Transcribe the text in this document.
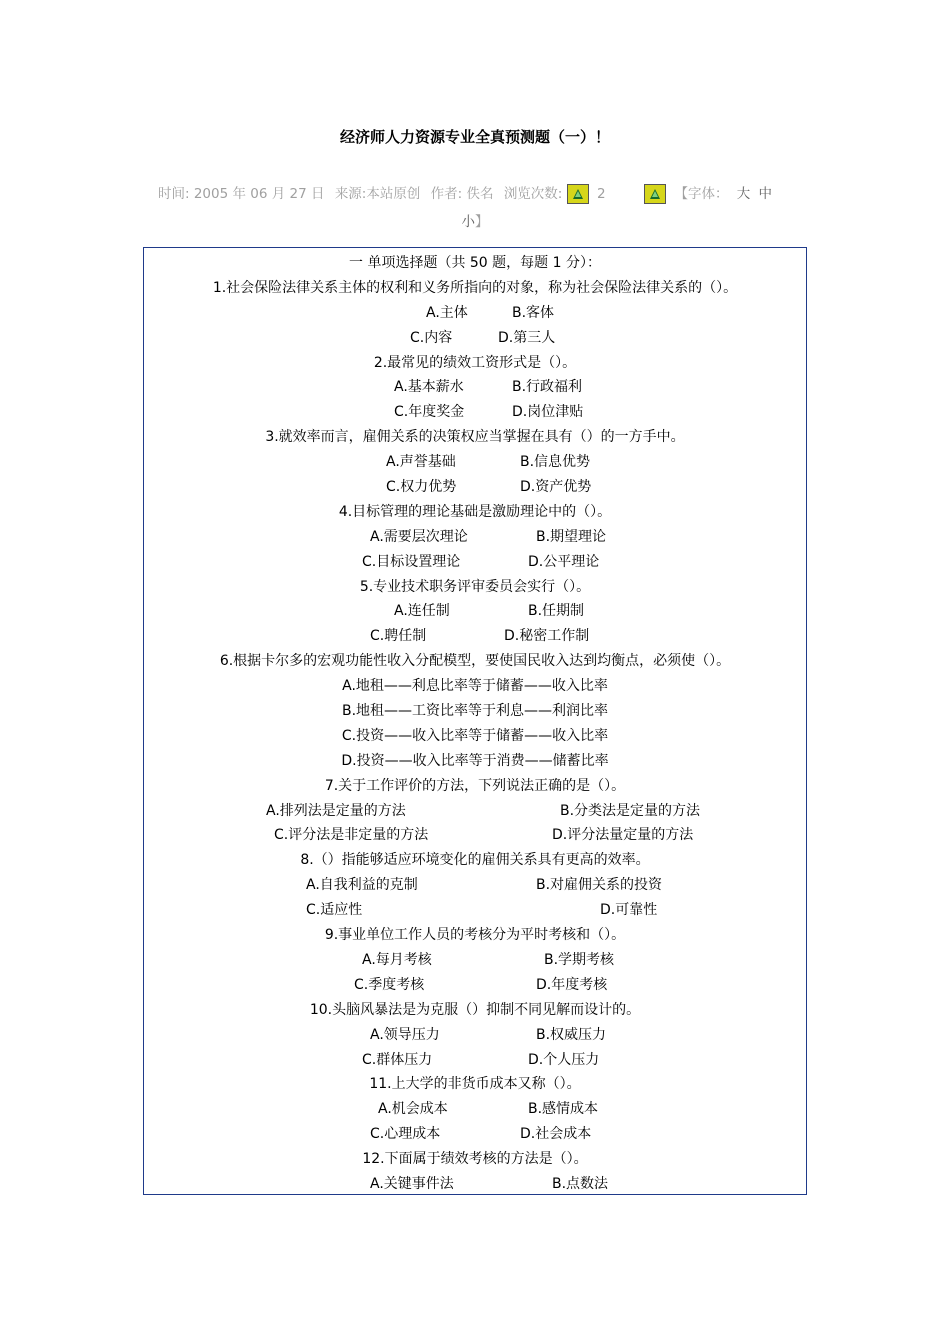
经济师人力资源专业全真预测题（一）！
时间: 2005 年 06 月 27 日 来源:本站原创 作者: 佚名 浏览次数:	2	【字体： 大 中
小】
一 单项选择题（共 50 题，每题 1 分）：
1.社会保险法律关系主体的权利和义务所指向的对象，称为社会保险法律关系的（）。
A.主体	B.客体
C.内容	D.第三人
2.最常见的绩效工资形式是（）。
A.基本薪水	B.行政福利
C.年度奖金	D.岗位津贴
3.就效率而言，雇佣关系的决策权应当掌握在具有（）的一方手中。
A.声誉基础	B.信息优势
C.权力优势	D.资产优势
4.目标管理的理论基础是激励理论中的（）。
A.需要层次理论	B.期望理论
C.目标设置理论	D.公平理论
5.专业技术职务评审委员会实行（）。
A.连任制	B.任期制
C.聘任制	D.秘密工作制
6.根据卡尔多的宏观功能性收入分配模型，要使国民收入达到均衡点，必须使（）。
A.地租——利息比率等于储蓄——收入比率
B.地租——工资比率等于利息——利润比率
C.投资——收入比率等于储蓄——收入比率
D.投资——收入比率等于消费——储蓄比率
7.关于工作评价的方法，下列说法正确的是（）。
A.排列法是定量的方法	B.分类法是定量的方法
C.评分法是非定量的方法	D.评分法量定量的方法
8.（）指能够适应环境变化的雇佣关系具有更高的效率。
A.自我利益的克制	B.对雇佣关系的投资
C.适应性	D.可靠性
9.事业单位工作人员的考核分为平时考核和（）。
A.每月考核	B.学期考核
C.季度考核	D.年度考核
10.头脑风暴法是为克服（）抑制不同见解而设计的。
A.领导压力	B.权威压力
C.群体压力	D.个人压力
11.上大学的非货币成本又称（）。
A.机会成本	B.感情成本
C.心理成本	D.社会成本
12.下面属于绩效考核的方法是（）。
A.关键事件法	B.点数法
